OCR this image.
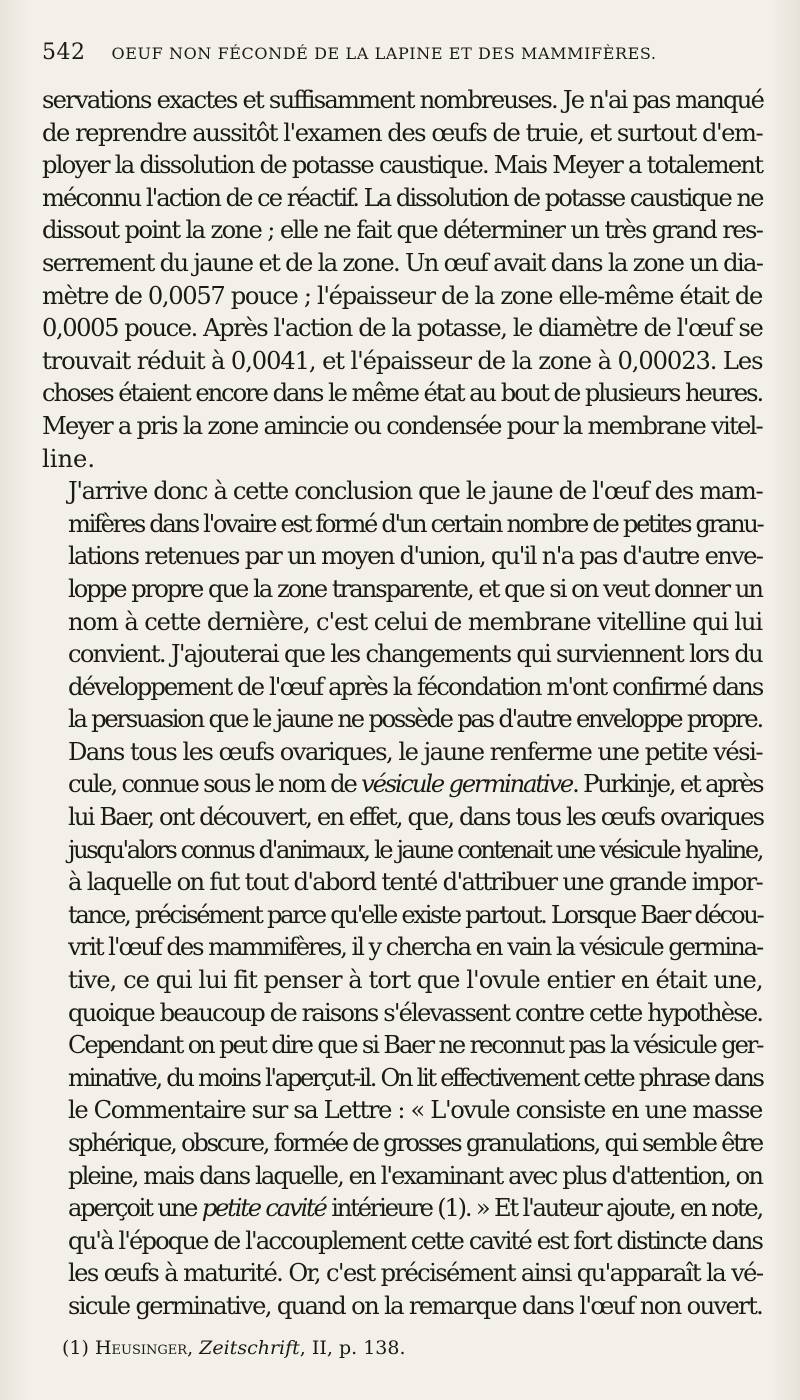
542 OEUF NON FÉCONDÉ DE LA LAPINE ET DES MAMMIFÈRES.

servations exactes et suffisamment nombreuses. Je n'ai pas manqué
de reprendre aussitôt l'examen des œufs de truie, et surtout d'em-
ployer la dissolution de potasse caustique. Mais Meyer a totalement
méconnu l'action de ce réactif. La dissolution de potasse caustique ne
dissout point la zone ; elle ne fait que déterminer un très grand res-
serrement du jaune et de la zone. Un œuf avait dans la zone un dia-
mètre de 0,0057 pouce ; l'épaisseur de la zone elle-même était de
0,0005 pouce. Après l'action de la potasse, le diamètre de l'œuf se
trouvait réduit à 0,0041, et l'épaisseur de la zone à 0,00023. Les
choses étaient encore dans le même état au bout de plusieurs heures.
Meyer a pris la zone amincie ou condensée pour la membrane vitel-
line.

J'arrive donc à cette conclusion que le jaune de l'œuf des mam-
mifères dans l'ovaire est formé d'un certain nombre de petites granu-
lations retenues par un moyen d'union, qu'il n'a pas d'autre enve-
loppe propre que la zone transparente, et que si on veut donner un
nom à cette dernière, c'est celui de membrane vitelline qui lui
convient. J'ajouterai que les changements qui surviennent lors du
développement de l'œuf après la fécondation m'ont confirmé dans
la persuasion que le jaune ne possède pas d'autre enveloppe propre.

Dans tous les œufs ovariques, le jaune renferme une petite vési-
cule, connue sous le nom de vésicule germinative. Purkinje, et après
lui Baer, ont découvert, en effet, que, dans tous les œufs ovariques
jusqu'alors connus d'animaux, le jaune contenait une vésicule hyaline,
à laquelle on fut tout d'abord tenté d'attribuer une grande impor-
tance, précisément parce qu'elle existe partout. Lorsque Baer décou-
vrit l'œuf des mammifères, il y chercha en vain la vésicule germina-
tive, ce qui lui fit penser à tort que l'ovule entier en était une,
quoique beaucoup de raisons s'élevassent contre cette hypothèse.
Cependant on peut dire que si Baer ne reconnut pas la vésicule ger-
minative, du moins l'aperçut-il. On lit effectivement cette phrase dans
le Commentaire sur sa Lettre : « L'ovule consiste en une masse
sphérique, obscure, formée de grosses granulations, qui semble être
pleine, mais dans laquelle, en l'examinant avec plus d'attention, on
aperçoit une petite cavité intérieure (1). » Et l'auteur ajoute, en note,
qu'à l'époque de l'accouplement cette cavité est fort distincte dans
les œufs à maturité. Or, c'est précisément ainsi qu'apparaît la vé-
sicule germinative, quand on la remarque dans l'œuf non ouvert.

(1) Heusinger, Zeitschrift, II, p. 138.
